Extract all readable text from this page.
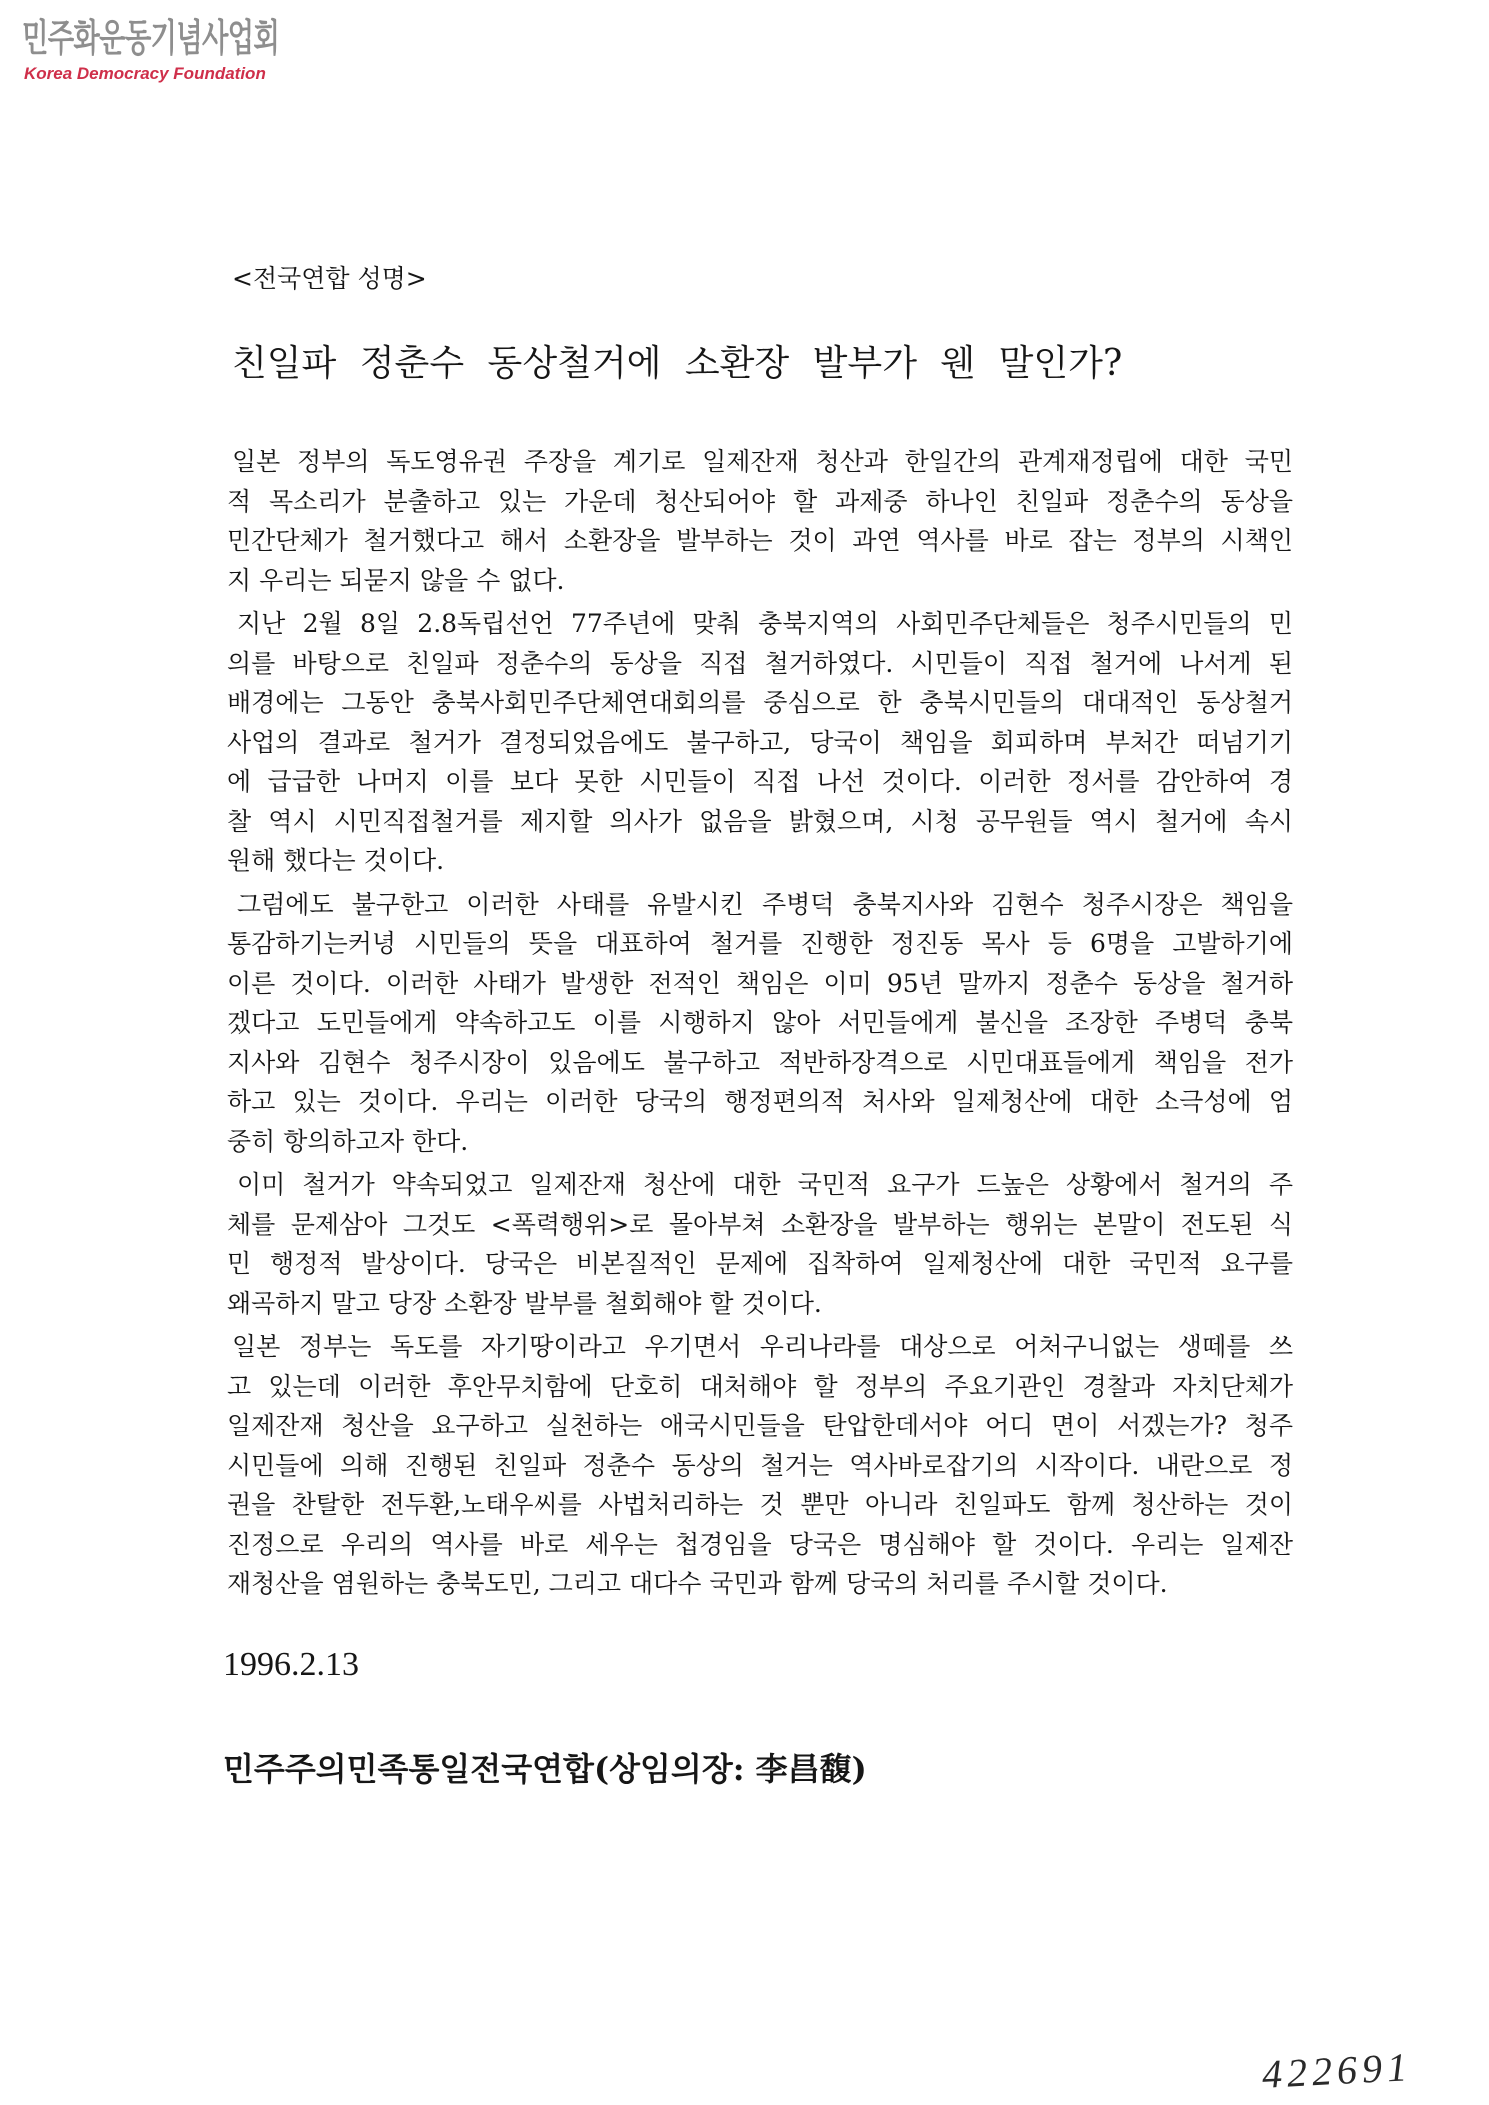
민주화운동기념사업회
Korea Democracy Foundation
<전국연합 성명>
친일파 정춘수 동상철거에 소환장 발부가 웬 말인가?
일본 정부의 독도영유권 주장을 계기로 일제잔재 청산과 한일간의 관계재정립에 대한 국민
적 목소리가 분출하고 있는 가운데 청산되어야 할 과제중 하나인 친일파 정춘수의 동상을
민간단체가 철거했다고 해서 소환장을 발부하는 것이 과연 역사를 바로 잡는 정부의 시책인
지 우리는 되묻지 않을 수 없다.
지난 2월 8일 2.8독립선언 77주년에 맞춰 충북지역의 사회민주단체들은 청주시민들의 민
의를 바탕으로 친일파 정춘수의 동상을 직접 철거하였다. 시민들이 직접 철거에 나서게 된
배경에는 그동안 충북사회민주단체연대회의를 중심으로 한 충북시민들의 대대적인 동상철거
사업의 결과로 철거가 결정되었음에도 불구하고, 당국이 책임을 회피하며 부처간 떠넘기기
에 급급한 나머지 이를 보다 못한 시민들이 직접 나선 것이다. 이러한 정서를 감안하여 경
찰 역시 시민직접철거를 제지할 의사가 없음을 밝혔으며, 시청 공무원들 역시 철거에 속시
원해 했다는 것이다.
그럼에도 불구한고 이러한 사태를 유발시킨 주병덕 충북지사와 김현수 청주시장은 책임을
통감하기는커녕 시민들의 뜻을 대표하여 철거를 진행한 정진동 목사 등 6명을 고발하기에
이른 것이다. 이러한 사태가 발생한 전적인 책임은 이미 95년 말까지 정춘수 동상을 철거하
겠다고 도민들에게 약속하고도 이를 시행하지 않아 서민들에게 불신을 조장한 주병덕 충북
지사와 김현수 청주시장이 있음에도 불구하고 적반하장격으로 시민대표들에게 책임을 전가
하고 있는 것이다. 우리는 이러한 당국의 행정편의적 처사와 일제청산에 대한 소극성에 엄
중히 항의하고자 한다.
이미 철거가 약속되었고 일제잔재 청산에 대한 국민적 요구가 드높은 상황에서 철거의 주
체를 문제삼아 그것도 <폭력행위>로 몰아부쳐 소환장을 발부하는 행위는 본말이 전도된 식
민 행정적 발상이다. 당국은 비본질적인 문제에 집착하여 일제청산에 대한 국민적 요구를
왜곡하지 말고 당장 소환장 발부를 철회해야 할 것이다.
일본 정부는 독도를 자기땅이라고 우기면서 우리나라를 대상으로 어처구니없는 생떼를 쓰
고 있는데 이러한 후안무치함에 단호히 대처해야 할 정부의 주요기관인 경찰과 자치단체가
일제잔재 청산을 요구하고 실천하는 애국시민들을 탄압한데서야 어디 면이 서겠는가? 청주
시민들에 의해 진행된 친일파 정춘수 동상의 철거는 역사바로잡기의 시작이다. 내란으로 정
권을 찬탈한 전두환,노태우씨를 사법처리하는 것 뿐만 아니라 친일파도 함께 청산하는 것이
진정으로 우리의 역사를 바로 세우는 첩경임을 당국은 명심해야 할 것이다. 우리는 일제잔
재청산을 염원하는 충북도민, 그리고 대다수 국민과 함께 당국의 처리를 주시할 것이다.
1996.2.13
민주주의민족통일전국연합(상임의장: 李昌馥)
422691
